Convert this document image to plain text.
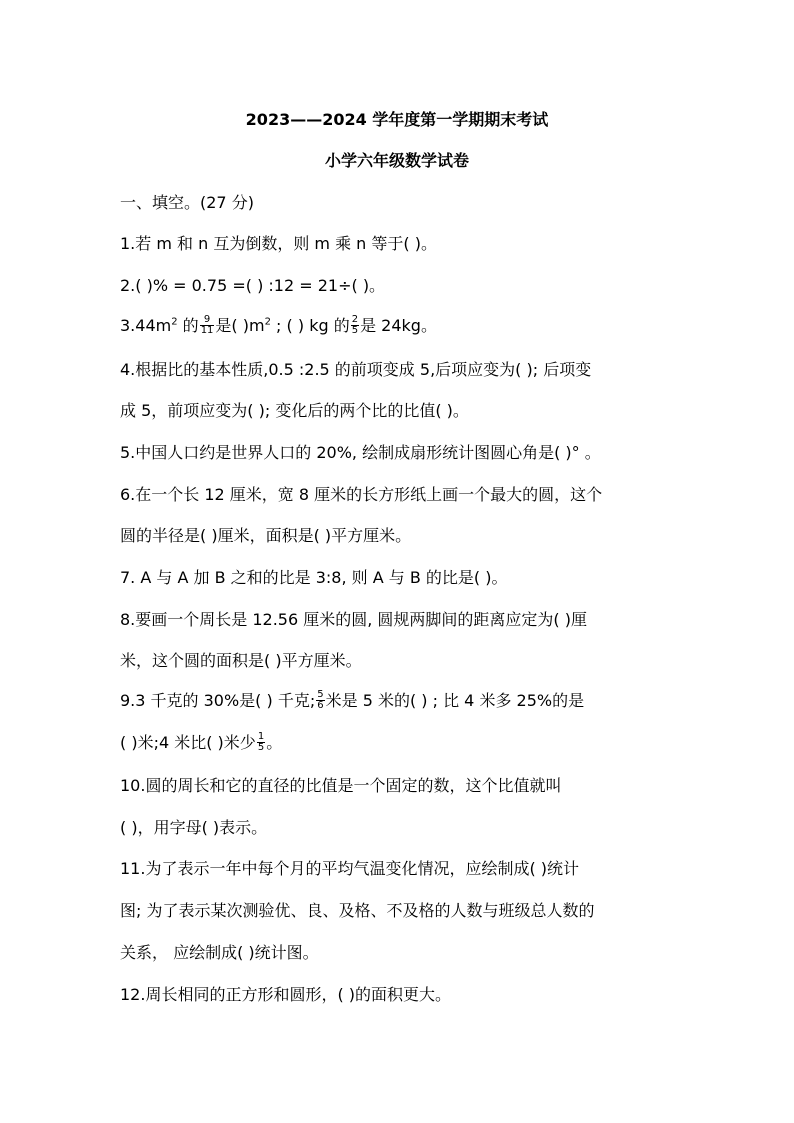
2023——2024 学年度第一学期期末考试
小学六年级数学试卷
一、填空。(27 分)
1.若 m 和 n 互为倒数，则 m 乘 n 等于( )。
2.( )% = 0.75 =( ) :12 = 21÷( )。
$3.44m^2$ 的 $\frac{9}{11}$ 是( )$m^2$ ; ( ) kg 的 $\frac{2}{5}$ 是 24kg。
4.根据比的基本性质,0.5 :2.5 的前项变成 5,后项应变为( ); 后项变
成 5，前项应变为( ); 变化后的两个比的比值( )。
5.中国人口约是世界人口的 20%, 绘制成扇形统计图圆心角是( )° 。
6.在一个长 12 厘米，宽 8 厘米的长方形纸上画一个最大的圆，这个
圆的半径是( )厘米，面积是( )平方厘米。
7. A 与 A 加 B 之和的比是 3:8, 则 A 与 B 的比是( )。
8.要画一个周长是 12.56 厘米的圆, 圆规两脚间的距离应定为( )厘
米，这个圆的面积是( )平方厘米。
9.3 千克的 30%是( ) 千克; $\frac{5}{6}$ 米是 5 米的( ) ; 比 4 米多 25%的是
( )米;4 米比( )米少 $\frac{1}{5}$ 。
10.圆的周长和它的直径的比值是一个固定的数，这个比值就叫
( )，用字母( )表示。
11.为了表示一年中每个月的平均气温变化情况，应绘制成( )统计
图; 为了表示某次测验优、良、及格、不及格的人数与班级总人数的
关系， 应绘制成( )统计图。
12.周长相同的正方形和圆形，( )的面积更大。
